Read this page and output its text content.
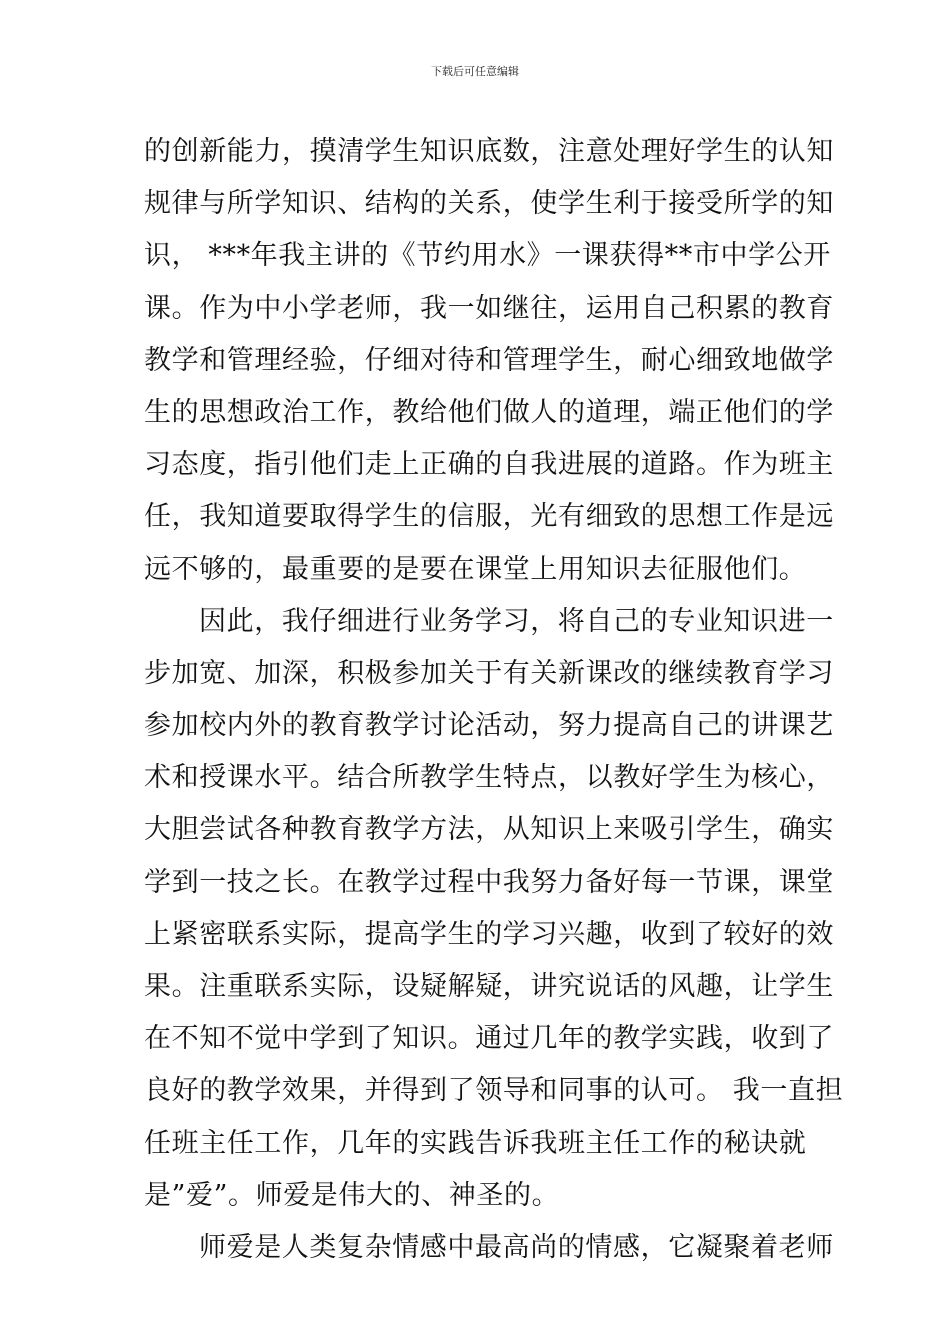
下载后可任意编辑
的创新能力，摸清学生知识底数，注意处理好学生的认知
规律与所学知识、结构的关系，使学生利于接受所学的知
识， ***年我主讲的《节约用水》一课获得**市中学公开
课。作为中小学老师，我一如继往，运用自己积累的教育
教学和管理经验，仔细对待和管理学生，耐心细致地做学
生的思想政治工作，教给他们做人的道理，端正他们的学
习态度，指引他们走上正确的自我进展的道路。作为班主
任，我知道要取得学生的信服，光有细致的思想工作是远
远不够的，最重要的是要在课堂上用知识去征服他们。
因此，我仔细进行业务学习，将自己的专业知识进一
步加宽、加深，积极参加关于有关新课改的继续教育学习
参加校内外的教育教学讨论活动，努力提高自己的讲课艺
术和授课水平。结合所教学生特点，以教好学生为核心，
大胆尝试各种教育教学方法，从知识上来吸引学生，确实
学到一技之长。在教学过程中我努力备好每一节课，课堂
上紧密联系实际，提高学生的学习兴趣，收到了较好的效
果。注重联系实际，设疑解疑，讲究说话的风趣，让学生
在不知不觉中学到了知识。通过几年的教学实践，收到了
良好的教学效果，并得到了领导和同事的认可。 我一直担
任班主任工作，几年的实践告诉我班主任工作的秘诀就
是”爱”。师爱是伟大的、神圣的。
师爱是人类复杂情感中最高尚的情感，它凝聚着老师
